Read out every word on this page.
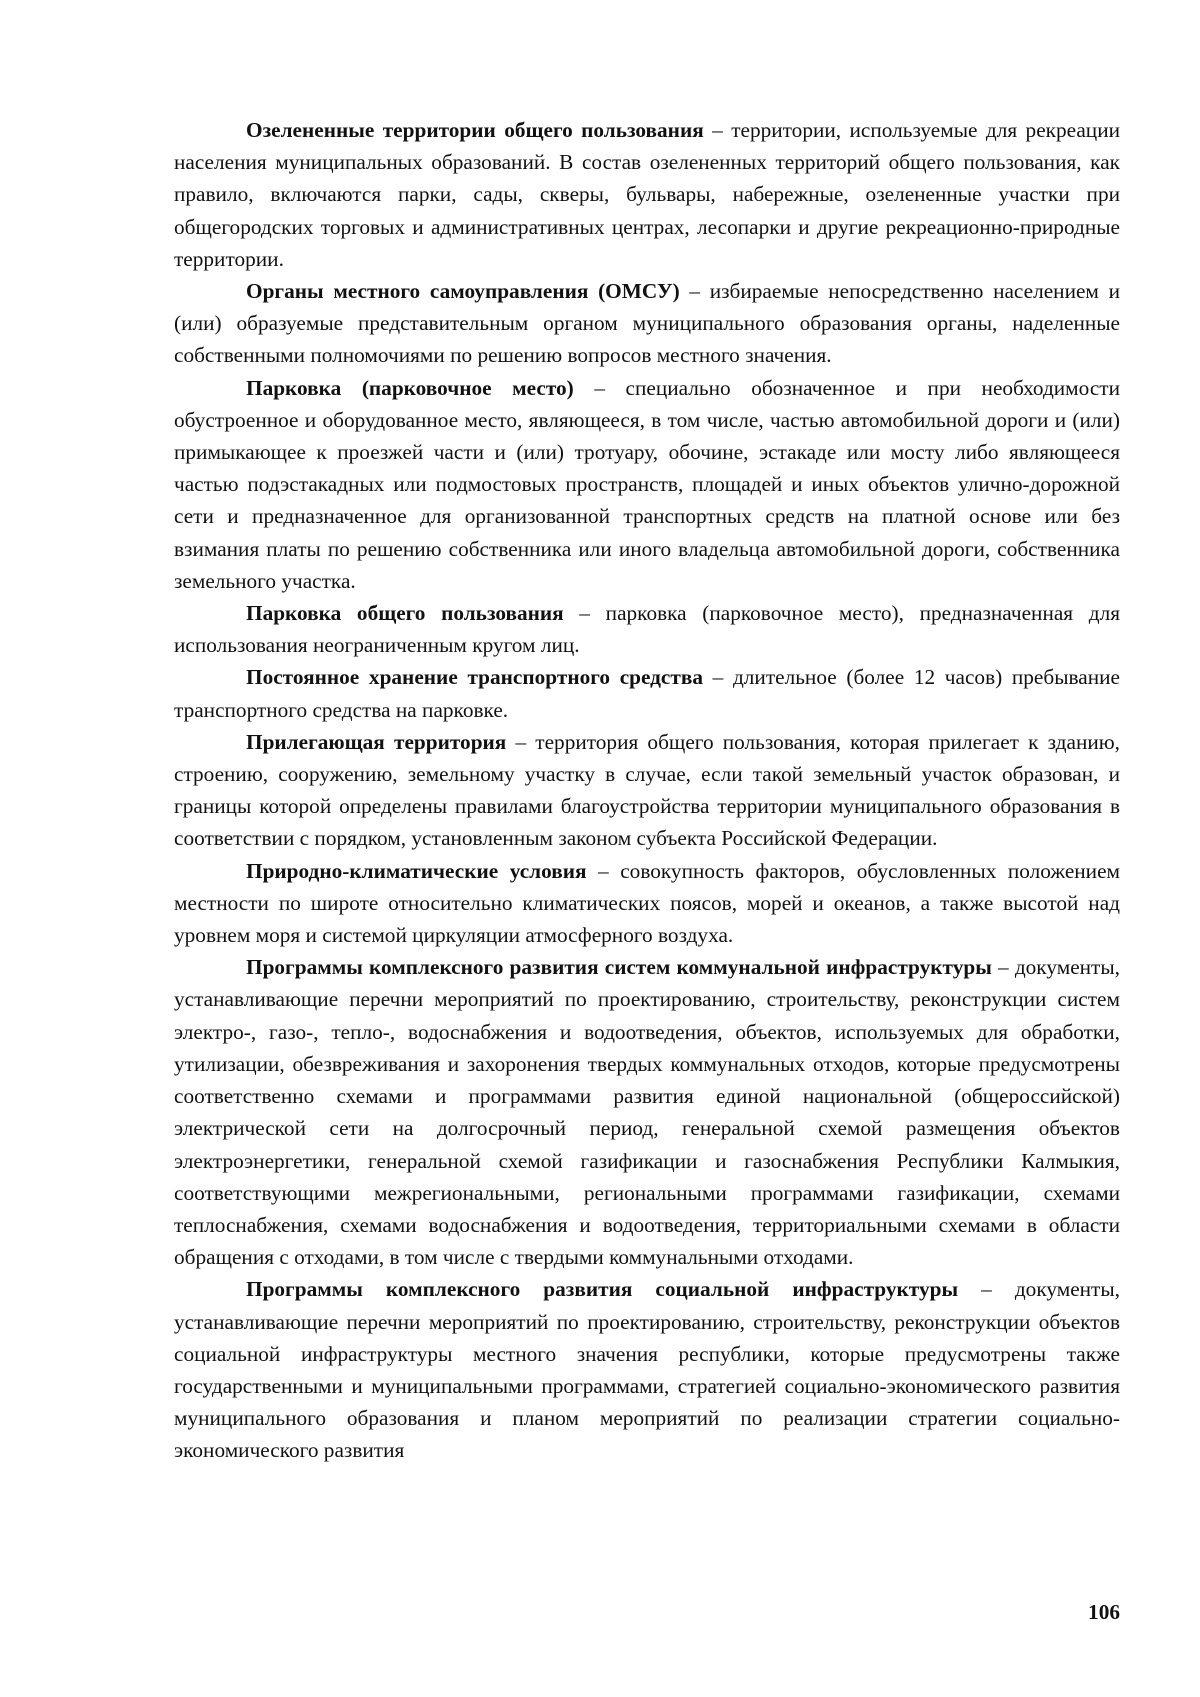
Озелененные территории общего пользования – территории, используемые для рекреации населения муниципальных образований. В состав озелененных территорий общего пользования, как правило, включаются парки, сады, скверы, бульвары, набережные, озелененные участки при общегородских торговых и административных центрах, лесопарки и другие рекреационно-природные территории.

Органы местного самоуправления (ОМСУ) – избираемые непосредственно населением и (или) образуемые представительным органом муниципального образования органы, наделенные собственными полномочиями по решению вопросов местного значения.

Парковка (парковочное место) – специально обозначенное и при необходимости обустроенное и оборудованное место, являющееся, в том числе, частью автомобильной дороги и (или) примыкающее к проезжей части и (или) тротуару, обочине, эстакаде или мосту либо являющееся частью подэстакадных или подмостовых пространств, площадей и иных объектов улично-дорожной сети и предназначенное для организованной транспортных средств на платной основе или без взимания платы по решению собственника или иного владельца автомобильной дороги, собственника земельного участка.

Парковка общего пользования – парковка (парковочное место), предназначенная для использования неограниченным кругом лиц.

Постоянное хранение транспортного средства – длительное (более 12 часов) пребывание транспортного средства на парковке.

Прилегающая территория – территория общего пользования, которая прилегает к зданию, строению, сооружению, земельному участку в случае, если такой земельный участок образован, и границы которой определены правилами благоустройства территории муниципального образования в соответствии с порядком, установленным законом субъекта Российской Федерации.

Природно-климатические условия – совокупность факторов, обусловленных положением местности по широте относительно климатических поясов, морей и океанов, а также высотой над уровнем моря и системой циркуляции атмосферного воздуха.

Программы комплексного развития систем коммунальной инфраструктуры – документы, устанавливающие перечни мероприятий по проектированию, строительству, реконструкции систем электро-, газо-, тепло-, водоснабжения и водоотведения, объектов, используемых для обработки, утилизации, обезвреживания и захоронения твердых коммунальных отходов, которые предусмотрены соответственно схемами и программами развития единой национальной (общероссийской) электрической сети на долгосрочный период, генеральной схемой размещения объектов электроэнергетики, генеральной схемой газификации и газоснабжения Республики Калмыкия, соответствующими межрегиональными, региональными программами газификации, схемами теплоснабжения, схемами водоснабжения и водоотведения, территориальными схемами в области обращения с отходами, в том числе с твердыми коммунальными отходами.

Программы комплексного развития социальной инфраструктуры – документы, устанавливающие перечни мероприятий по проектированию, строительству, реконструкции объектов социальной инфраструктуры местного значения республики, которые предусмотрены также государственными и муниципальными программами, стратегией социально-экономического развития муниципального образования и планом мероприятий по реализации стратегии социально-экономического развития

106
